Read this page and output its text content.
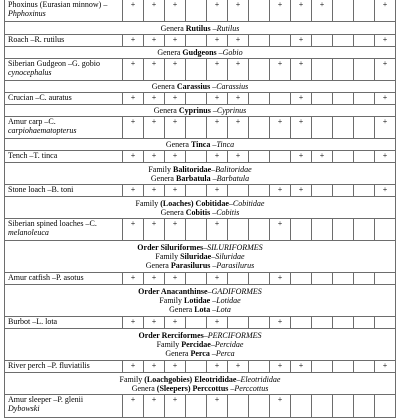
Phoxinus (Eurasian minnow) –
Phphoxinus	+	+	+		+	+		+	+	+			+

Genera Rutilus –Rutilus													

Roach –R. rutilus	+	+	+		+	+			+				+

Genera Gudgeons –Gobio													

Siberian Gudgeon –G. gobio
cynocephalus	+	+	+		+	+		+	+				+

Genera Carassius –Carassius													

Crucian –C. auratus	+	+	+		+	+			+				+

Genera Cyprinus –Cyprinus													

Amur carp –C.
carpiohaematopterus	+	+	+		+	+		+	+				+

Genera Tinca –Tinca													

Tench –T. tinca	+	+	+		+	+			+	+			+

Family Balitoridae–Balitoridae
Genera Barbatula –Barbatula													

Stone loach –B. toni	+	+	+		+			+	+				+

Family (Loaches) Cobitidae–Cobitidae
Genera Cobitis –Cobitis													

Siberian spined loaches –C.
melanoleuca	+	+	+		+			+					

Order Siluriformes–SILURIFORMES
Family Siluridae–Siluridae
Genera Parasilurus –Parasilurus													

Amur catfish –P. asotus	+	+	+		+			+					

Order Anacanthinse–GADIFORMES
Family Lotidae –Lotidae
Genera Lota –Lota													

Burbot –L. lota	+	+	+		+			+					

Order Rerciformes–PERCIFORMES
Family Percidae–Percidae
Genera Perca –Perca													

River perch –P. fluviatilis	+	+	+		+	+		+	+				+

Family (Loachgobies) Eleotrididae–Eleotrididae
Genera (Sleepers) Perccottus –Perccottus													

Amur sleeper –P. glenii
Dybowski	+	+	+		+			+					
